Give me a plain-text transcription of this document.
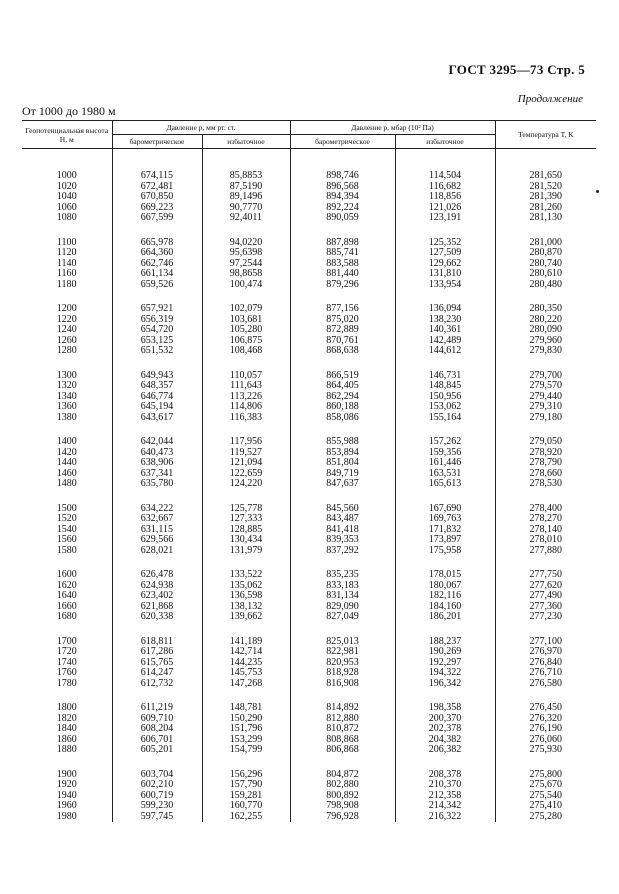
ГОСТ 3295—73 Стр. 5
Продолжение
От 1000 до 1980 м
Геопотенциальная высота H, м	Давление p, мм рт. ст.		Давление p, мбар (10² Па)		Температура T, К
	барометрическое	избыточное	барометрическое	избыточное	

1000	674,115	85,8853	898,746	114,504	281,650
1020	672,481	87,5190	896,568	116,682	281,520
1040	670,850	89,1496	894,394	118,856	281,390
1060	669,223	90,7770	892,224	121,026	281,260
1080	667,599	92,4011	890,059	123,191	281,130

1100	665,978	94,0220	887,898	125,352	281,000
1120	664,360	95,6398	885,741	127,509	280,870
1140	662,746	97,2544	883,588	129,662	280,740
1160	661,134	98,8658	881,440	131,810	280,610
1180	659,526	100,474	879,296	133,954	280,480

1200	657,921	102,079	877,156	136,094	280,350
1220	656,319	103,681	875,020	138,230	280,220
1240	654,720	105,280	872,889	140,361	280,090
1260	653,125	106,875	870,761	142,489	279,960
1280	651,532	108,468	868,638	144,612	279,830

1300	649,943	110,057	866,519	146,731	279,700
1320	648,357	111,643	864,405	148,845	279,570
1340	646,774	113,226	862,294	150,956	279,440
1360	645,194	114,806	860,188	153,062	279,310
1380	643,617	116,383	858,086	155,164	279,180

1400	642,044	117,956	855,988	157,262	279,050
1420	640,473	119,527	853,894	159,356	278,920
1440	638,906	121,094	851,804	161,446	278,790
1460	637,341	122,659	849,719	163,531	278,660
1480	635,780	124,220	847,637	165,613	278,530

1500	634,222	125,778	845,560	167,690	278,400
1520	632,667	127,333	843,487	169,763	278,270
1540	631,115	128,885	841,418	171,832	278,140
1560	629,566	130,434	839,353	173,897	278,010
1580	628,021	131,979	837,292	175,958	277,880

1600	626,478	133,522	835,235	178,015	277,750
1620	624,938	135,062	833,183	180,067	277,620
1640	623,402	136,598	831,134	182,116	277,490
1660	621,868	138,132	829,090	184,160	277,360
1680	620,338	139,662	827,049	186,201	277,230

1700	618,811	141,189	825,013	188,237	277,100
1720	617,286	142,714	822,981	190,269	276,970
1740	615,765	144,235	820,953	192,297	276,840
1760	614,247	145,753	818,928	194,322	276,710
1780	612,732	147,268	816,908	196,342	276,580

1800	611,219	148,781	814,892	198,358	276,450
1820	609,710	150,290	812,880	200,370	276,320
1840	608,204	151,796	810,872	202,378	276,190
1860	606,701	153,299	808,868	204,382	276,060
1880	605,201	154,799	806,868	206,382	275,930

1900	603,704	156,296	804,872	208,378	275,800
1920	602,210	157,790	802,880	210,370	275,670
1940	600,719	159,281	800,892	212,358	275,540
1960	599,230	160,770	798,908	214,342	275,410
1980	597,745	162,255	796,928	216,322	275,280
